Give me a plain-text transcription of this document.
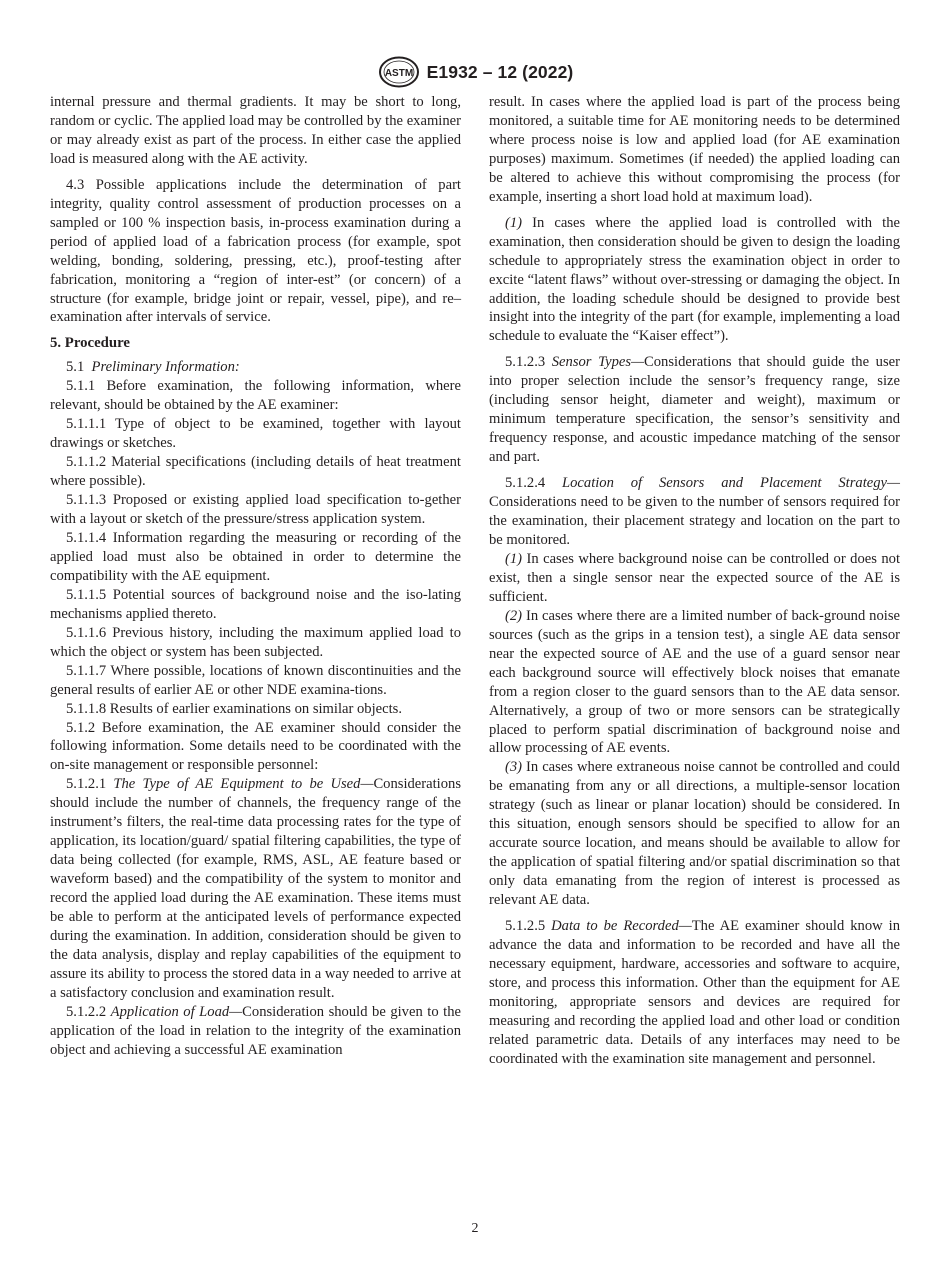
ASTM E1932 – 12 (2022)

internal pressure and thermal gradients. It may be short to long, random or cyclic. The applied load may be controlled by the examiner or may already exist as part of the process. In either case the applied load is measured along with the AE activity.

4.3 Possible applications include the determination of part integrity, quality control assessment of production processes on a sampled or 100 % inspection basis, in-process examination during a period of applied load of a fabrication process (for example, spot welding, bonding, soldering, pressing, etc.), proof-testing after fabrication, monitoring a “region of inter-est” (or concern) of a structure (for example, bridge joint or repair, vessel, pipe), and re–examination after intervals of service.

5. Procedure

5.1 Preliminary Information:

5.1.1 Before examination, the following information, where relevant, should be obtained by the AE examiner:

5.1.1.1 Type of object to be examined, together with layout drawings or sketches.

5.1.1.2 Material specifications (including details of heat treatment where possible).

5.1.1.3 Proposed or existing applied load specification to-gether with a layout or sketch of the pressure/stress application system.

5.1.1.4 Information regarding the measuring or recording of the applied load must also be obtained in order to determine the compatibility with the AE equipment.

5.1.1.5 Potential sources of background noise and the iso-lating mechanisms applied thereto.

5.1.1.6 Previous history, including the maximum applied load to which the object or system has been subjected.

5.1.1.7 Where possible, locations of known discontinuities and the general results of earlier AE or other NDE examina-tions.

5.1.1.8 Results of earlier examinations on similar objects.

5.1.2 Before examination, the AE examiner should consider the following information. Some details need to be coordinated with the on-site management or responsible personnel:

5.1.2.1 The Type of AE Equipment to be Used—Considerations should include the number of channels, the frequency range of the instrument’s filters, the real-time data processing rates for the type of application, its location/guard/ spatial filtering capabilities, the type of data being collected (for example, RMS, ASL, AE feature based or waveform based) and the compatibility of the system to monitor and record the applied load during the AE examination. These items must be able to perform at the anticipated levels of performance expected during the examination. In addition, consideration should be given to the data analysis, display and replay capabilities of the equipment to assure its ability to process the stored data in a way needed to arrive at a satisfactory conclusion and examination result.

5.1.2.2 Application of Load—Consideration should be given to the application of the load in relation to the integrity of the examination object and achieving a successful AE examination

result. In cases where the applied load is part of the process being monitored, a suitable time for AE monitoring needs to be determined where process noise is low and applied load (for AE examination purposes) maximum. Sometimes (if needed) the applied loading can be altered to achieve this without compromising the process (for example, inserting a short load hold at maximum load).

(1) In cases where the applied load is controlled with the examination, then consideration should be given to design the loading schedule to appropriately stress the examination object in order to excite “latent flaws” without over-stressing or damaging the object. In addition, the loading schedule should be designed to provide best insight into the integrity of the part (for example, implementing a load schedule to evaluate the “Kaiser effect”).

5.1.2.3 Sensor Types—Considerations that should guide the user into proper selection include the sensor’s frequency range, size (including sensor height, diameter and weight), maximum or minimum temperature specification, the sensor’s sensitivity and frequency response, and acoustic impedance matching of the sensor and part.

5.1.2.4 Location of Sensors and Placement Strategy—Considerations need to be given to the number of sensors required for the examination, their placement strategy and location on the part to be monitored.

(1) In cases where background noise can be controlled or does not exist, then a single sensor near the expected source of the AE is sufficient.

(2) In cases where there are a limited number of back-ground noise sources (such as the grips in a tension test), a single AE data sensor near the expected source of AE and the use of a guard sensor near each background source will effectively block noises that emanate from a region closer to the guard sensors than to the AE data sensor. Alternatively, a group of two or more sensors can be strategically placed to perform spatial discrimination of background noise and allow processing of AE events.

(3) In cases where extraneous noise cannot be controlled and could be emanating from any or all directions, a multiple-sensor location strategy (such as linear or planar location) should be considered. In this situation, enough sensors should be specified to allow for an accurate source location, and means should be available to allow for the application of spatial filtering and/or spatial discrimination so that only data emanating from the region of interest is processed as relevant AE data.

5.1.2.5 Data to be Recorded—The AE examiner should know in advance the data and information to be recorded and have all the necessary equipment, hardware, accessories and software to acquire, store, and process this information. Other than the equipment for AE monitoring, appropriate sensors and devices are required for measuring and recording the applied load and other load or condition related parametric data. Details of any interfaces may need to be coordinated with the examination site management and personnel.

2
